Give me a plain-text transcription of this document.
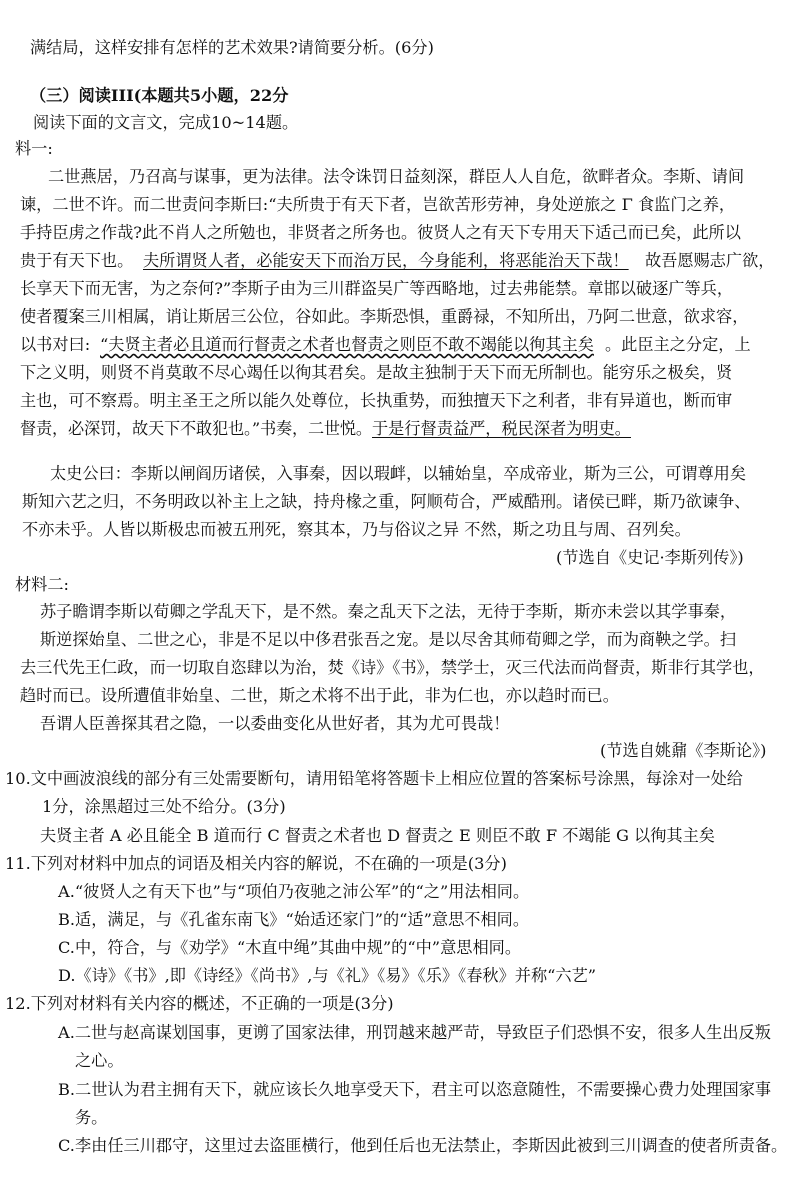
满结局，这样安排有怎样的艺术效果?请简要分析。(6分)
（三）阅读III(本题共5小题，22分
阅读下面的文言文，完成10~14题。
料一:
二世燕居，乃召高与谋事，更为法律。法令诛罚日益刻深，群臣人人自危，欲畔者众。李斯、请间
谏，二世不许。而二世责问李斯曰:“夫所贵于有天下者，岂欲苦形劳神，身处逆旅之 Γ 食监门之养，
手持臣虏之作哉?此不肖人之所勉也，非贤者之所务也。彼贤人之有天下专用天下适己而已矣，此所以
贵于有天下也。 夫所谓贤人者，必能安天下而治万民，今身能利，将恶能治天下哉！ 故吾愿赐志广欲，
长享天下而无害，为之奈何?”李斯子由为三川群盗吴广等西略地，过去弗能禁。章邯以破逐广等兵，
使者覆案三川相属，诮让斯居三公位，谷如此。李斯恐惧，重爵禄，不知所出，乃阿二世意，欲求容，
以书对曰: “夫贤主者必且道而行督责之术者也督责之则臣不敢不竭能以徇其主矣 。此臣主之分定，上
下之义明，则贤不肖莫敢不尽心竭任以徇其君矣。是故主独制于天下而无所制也。能穷乐之极矣，贤
主也，可不察焉。明主圣王之所以能久处尊位，长执重势，而独擅天下之利者，非有异道也，断而审
督责，必深罚，故天下不敢犯也。”书奏，二世悦。 于是行督责益严，税民深者为明吏。
太史公曰：李斯以闸阎历诸侯，入事秦，因以瑕衅，以辅始皇，卒成帝业，斯为三公，可谓尊用矣
斯知六艺之归，不务明政以补主上之缺，持舟椽之重，阿顺苟合，严威酷刑。诸侯已畔，斯乃欲谏争、
不亦未乎。人皆以斯极忠而被五刑死，察其本，乃与俗议之异 不然，斯之功且与周、召列矣。
(节选自《史记·李斯列传》)
材料二:
苏子瞻谓李斯以荀卿之学乱天下，是不然。秦之乱天下之法，无待于李斯，斯亦未尝以其学事秦，
斯逆探始皇、二世之心，非是不足以中侈君张吾之宠。是以尽舍其师荀卿之学，而为商鞅之学。扫
去三代先王仁政，而一切取自恣肆以为治，焚《诗》《书》，禁学士，灭三代法而尚督责，斯非行其学也，
趋时而已。设所遭值非始皇、二世，斯之术将不出于此，非为仁也，亦以趋时而已。
吾谓人臣善探其君之隐，一以委曲变化从世好者，其为尤可畏哉！
(节选自姚鼐《李斯论》)
10.文中画波浪线的部分有三处需要断句，请用铅笔将答题卡上相应位置的答案标号涂黑，每涂对一处给
1分，涂黑超过三处不给分。(3分)
夫贤主者 A 必且能全 B 道而行 C 督责之术者也 D 督责之 E 则臣不敢 F 不竭能 G 以徇其主矣
11.下列对材料中加点的词语及相关内容的解说，不在确的一项是(3分)
A.“彼贤人之有天下也”与“项伯乃夜驰之沛公军”的“之”用法相同。
B.适，满足，与《孔雀东南飞》“始适还家门”的“适”意思不相同。
C.中，符合，与《劝学》“木直中绳”其曲中规”的“中”意思相同。
D.《诗》《书》,即《诗经》《尚书》,与《礼》《易》《乐》《春秋》并称“六艺”
12.下列对材料有关内容的概述，不正确的一项是(3分)
A.二世与赵高谋划国事，更谫了国家法律，刑罚越来越严苛，导致臣子们恐惧不安，很多人生出反叛
之心。
B.二世认为君主拥有天下，就应该长久地享受天下，君主可以恣意随性，不需要操心费力处理国家事
务。
C.李由任三川郡守，这里过去盗匪横行，他到任后也无法禁止，李斯因此被到三川调查的使者所责备。
